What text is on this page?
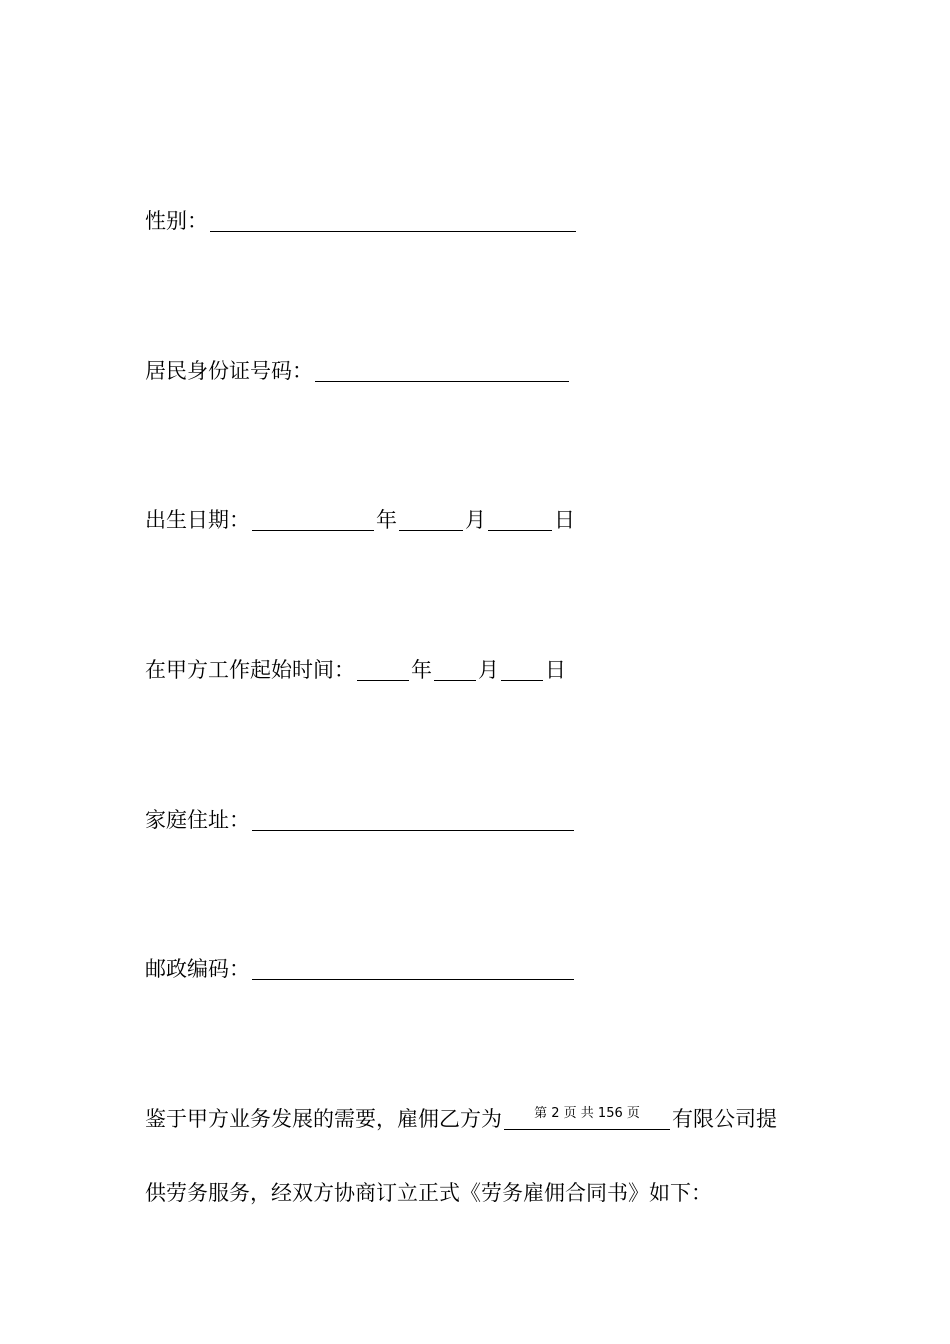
性别：
居民身份证号码：
出生日期：	年	月	日
在甲方工作起始时间：	年 月 日
家庭住址：
邮政编码：
鉴于甲方业务发展的需要，雇佣乙方为	第 2 页 共 156 页	有限公司提
供劳务服务，经双方协商订立正式《劳务雇佣合同书》如下：
